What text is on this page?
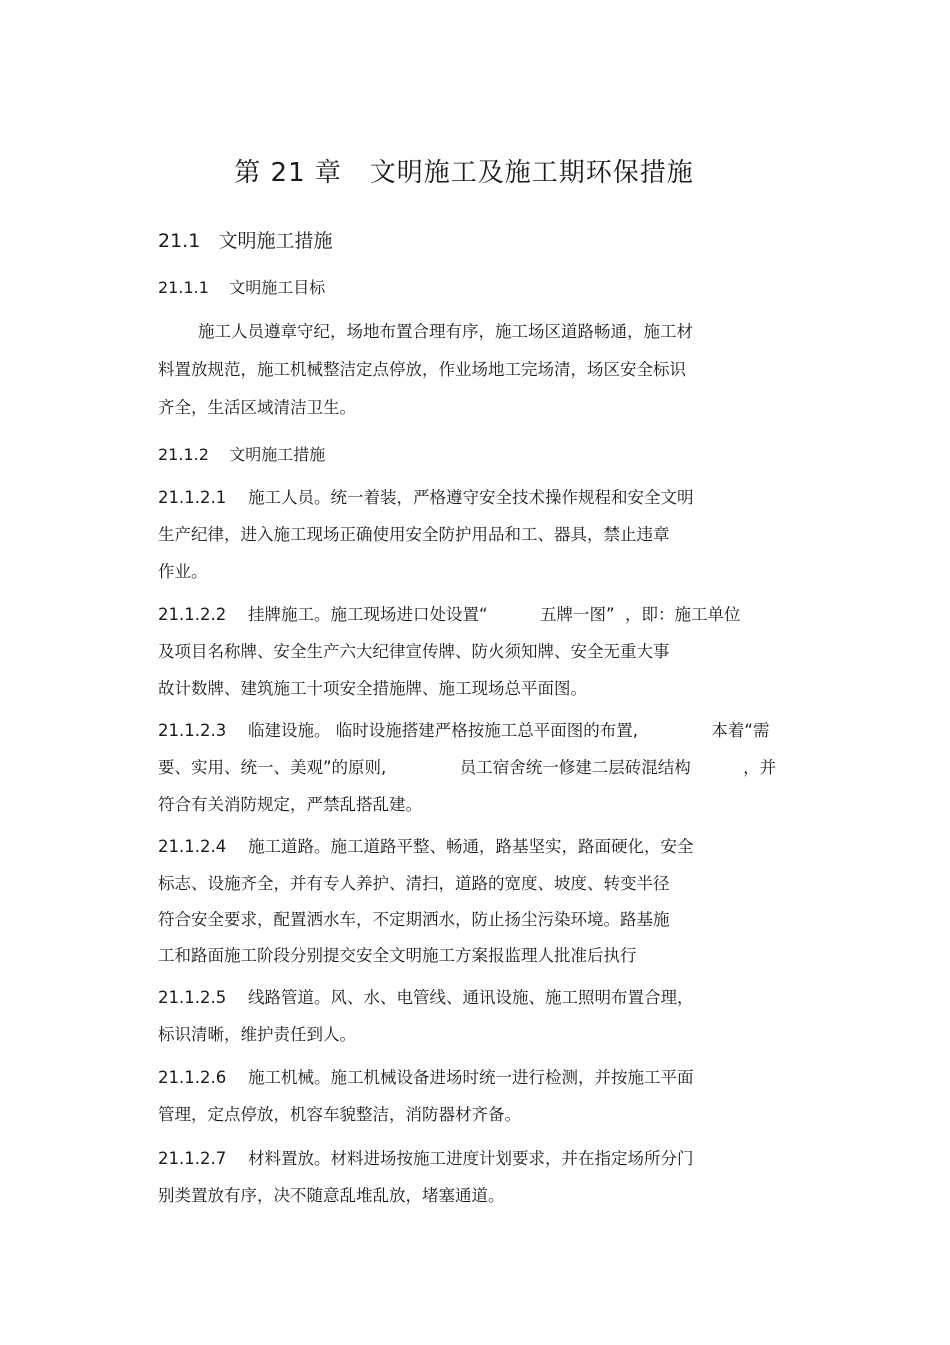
第 21 章   文明施工及施工期环保措施
21.1 文明施工措施
21.1.1 文明施工目标
施工人员遵章守纪，场地布置合理有序，施工场区道路畅通，施工材
料置放规范，施工机械整洁定点停放，作业场地工完场清，场区安全标识
齐全，生活区域清洁卫生。
21.1.2 文明施工措施
21.1.2.1 施工人员。统一着装，严格遵守安全技术操作规程和安全文明
生产纪律，进入施工现场正确使用安全防护用品和工、器具，禁止违章
作业。
21.1.2.2 挂牌施工。施工现场进口处设置“          五牌一图”  ，即：施工单位
及项目名称牌、安全生产六大纪律宣传牌、防火须知牌、安全无重大事
故计数牌、建筑施工十项安全措施牌、施工现场总平面图。
21.1.2.3 临建设施。 临时设施搭建严格按施工总平面图的布置,              本着“需
要、实用、统一、美观”的原则,              员工宿舍统一修建二层砖混结构          ，并
符合有关消防规定，严禁乱搭乱建。
21.1.2.4 施工道路。施工道路平整、畅通，路基坚实，路面硬化，安全
标志、设施齐全，并有专人养护、清扫，道路的宽度、坡度、转变半径
符合安全要求，配置洒水车，不定期洒水，防止扬尘污染环境。路基施
工和路面施工阶段分别提交安全文明施工方案报监理人批准后执行
21.1.2.5 线路管道。风、水、电管线、通讯设施、施工照明布置合理，
标识清晰，维护责任到人。
21.1.2.6 施工机械。施工机械设备进场时统一进行检测，并按施工平面
管理，定点停放，机容车貌整洁，消防器材齐备。
21.1.2.7 材料置放。材料进场按施工进度计划要求，并在指定场所分门
别类置放有序，决不随意乱堆乱放，堵塞通道。
